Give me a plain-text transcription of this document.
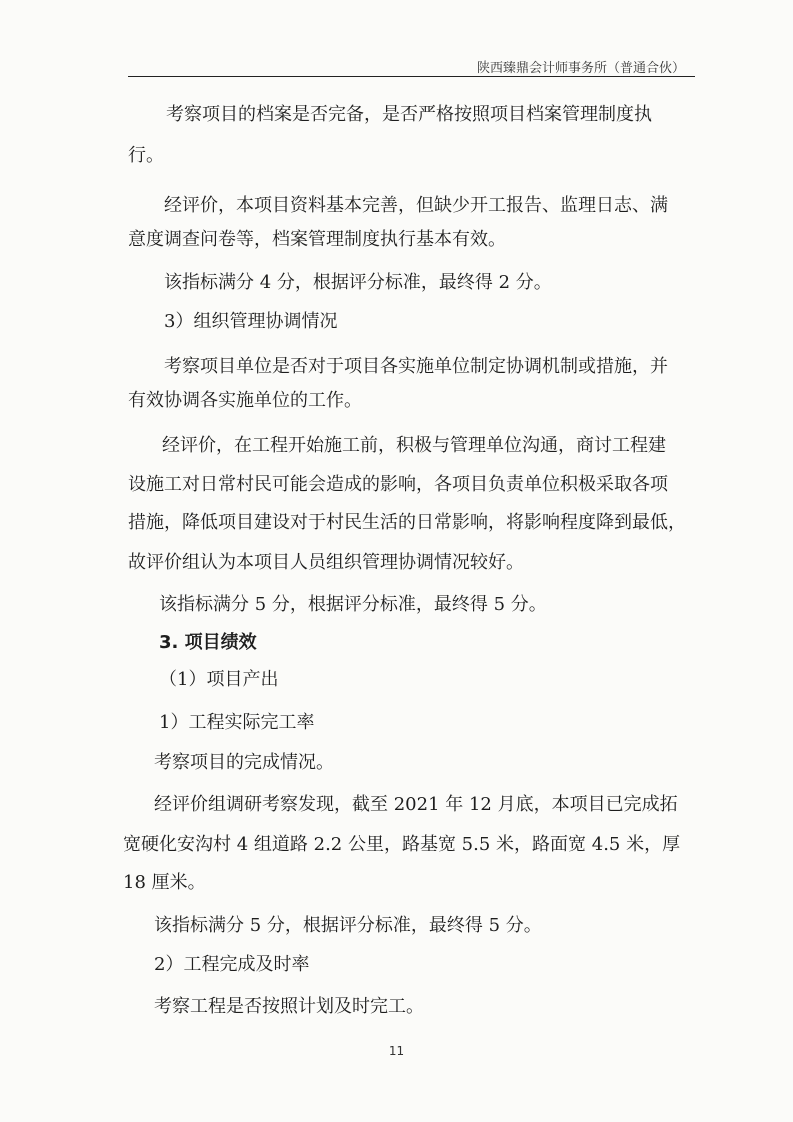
陕西臻鼎会计师事务所（普通合伙）
考察项目的档案是否完备，是否严格按照项目档案管理制度执
行。
经评价，本项目资料基本完善，但缺少开工报告、监理日志、满
意度调查问卷等，档案管理制度执行基本有效。
该指标满分 4 分，根据评分标准，最终得 2 分。
3）组织管理协调情况
考察项目单位是否对于项目各实施单位制定协调机制或措施，并
有效协调各实施单位的工作。
经评价，在工程开始施工前，积极与管理单位沟通，商讨工程建
设施工对日常村民可能会造成的影响，各项目负责单位积极采取各项
措施，降低项目建设对于村民生活的日常影响，将影响程度降到最低，
故评价组认为本项目人员组织管理协调情况较好。
该指标满分 5 分，根据评分标准，最终得 5 分。
3. 项目绩效
（1）项目产出
1）工程实际完工率
考察项目的完成情况。
经评价组调研考察发现，截至 2021 年 12 月底，本项目已完成拓
宽硬化安沟村 4 组道路 2.2 公里，路基宽 5.5 米，路面宽 4.5 米，厚
18 厘米。
该指标满分 5 分，根据评分标准，最终得 5 分。
2）工程完成及时率
考察工程是否按照计划及时完工。
11
